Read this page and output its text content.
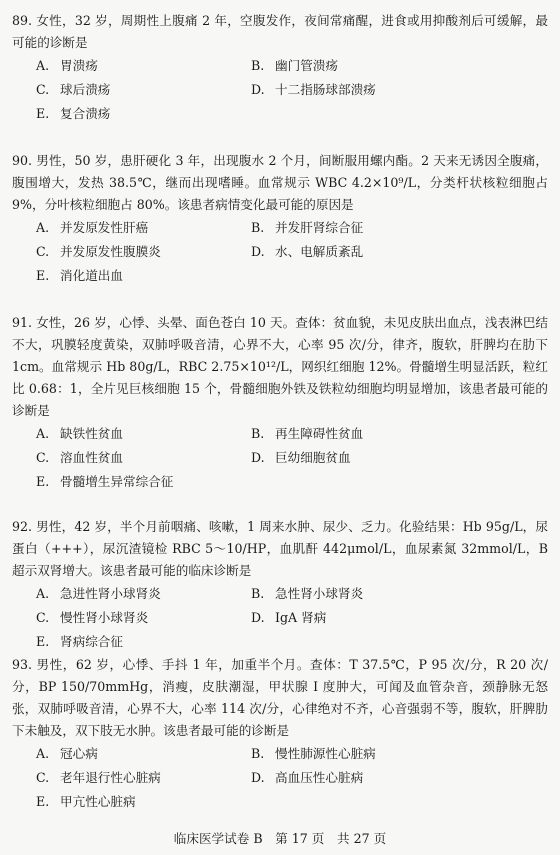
89. 女性，32 岁，周期性上腹痛 2 年，空腹发作，夜间常痛醒，进食或用抑酸剂后可缓解，最可能的诊断是
A. 胃溃疡	B. 幽门管溃疡
C. 球后溃疡	D. 十二指肠球部溃疡
E. 复合溃疡
90. 男性，50 岁，患肝硬化 3 年，出现腹水 2 个月，间断服用螺内酯。2 天来无诱因全腹痛，腹围增大，发热 38.5℃，继而出现嗜睡。血常规示 WBC 4.2×10⁹/L，分类杆状核粒细胞占 9%，分叶核粒细胞占 80%。该患者病情变化最可能的原因是
A. 并发原发性肝癌	B. 并发肝肾综合征
C. 并发原发性腹膜炎	D. 水、电解质紊乱
E. 消化道出血
91. 女性，26 岁，心悸、头晕、面色苍白 10 天。查体：贫血貌，未见皮肤出血点，浅表淋巴结不大，巩膜轻度黄染，双肺呼吸音清，心界不大，心率 95 次/分，律齐，腹软，肝脾均在肋下 1cm。血常规示 Hb 80g/L，RBC 2.75×10¹²/L，网织红细胞 12%。骨髓增生明显活跃，粒红比 0.68：1，全片见巨核细胞 15 个，骨髓细胞外铁及铁粒幼细胞均明显增加，该患者最可能的诊断是
A. 缺铁性贫血	B. 再生障碍性贫血
C. 溶血性贫血	D. 巨幼细胞贫血
E. 骨髓增生异常综合征
92. 男性，42 岁，半个月前咽痛、咳嗽，1 周来水肿、尿少、乏力。化验结果：Hb 95g/L，尿蛋白（+++），尿沉渣镜检 RBC 5～10/HP，血肌酐 442μmol/L，血尿素氮 32mmol/L，B 超示双肾增大。该患者最可能的临床诊断是
A. 急进性肾小球肾炎	B. 急性肾小球肾炎
C. 慢性肾小球肾炎	D. IgA 肾病
E. 肾病综合征
93. 男性，62 岁，心悸、手抖 1 年，加重半个月。查体：T 37.5℃，P 95 次/分，R 20 次/分，BP 150/70mmHg，消瘦，皮肤潮湿，甲状腺 I 度肿大，可闻及血管杂音，颈静脉无怒张，双肺呼吸音清，心界不大，心率 114 次/分，心律绝对不齐，心音强弱不等，腹软，肝脾肋下未触及，双下肢无水肿。该患者最可能的诊断是
A. 冠心病	B. 慢性肺源性心脏病
C. 老年退行性心脏病	D. 高血压性心脏病
E. 甲亢性心脏病
临床医学试卷 B　第 17 页　共 27 页
